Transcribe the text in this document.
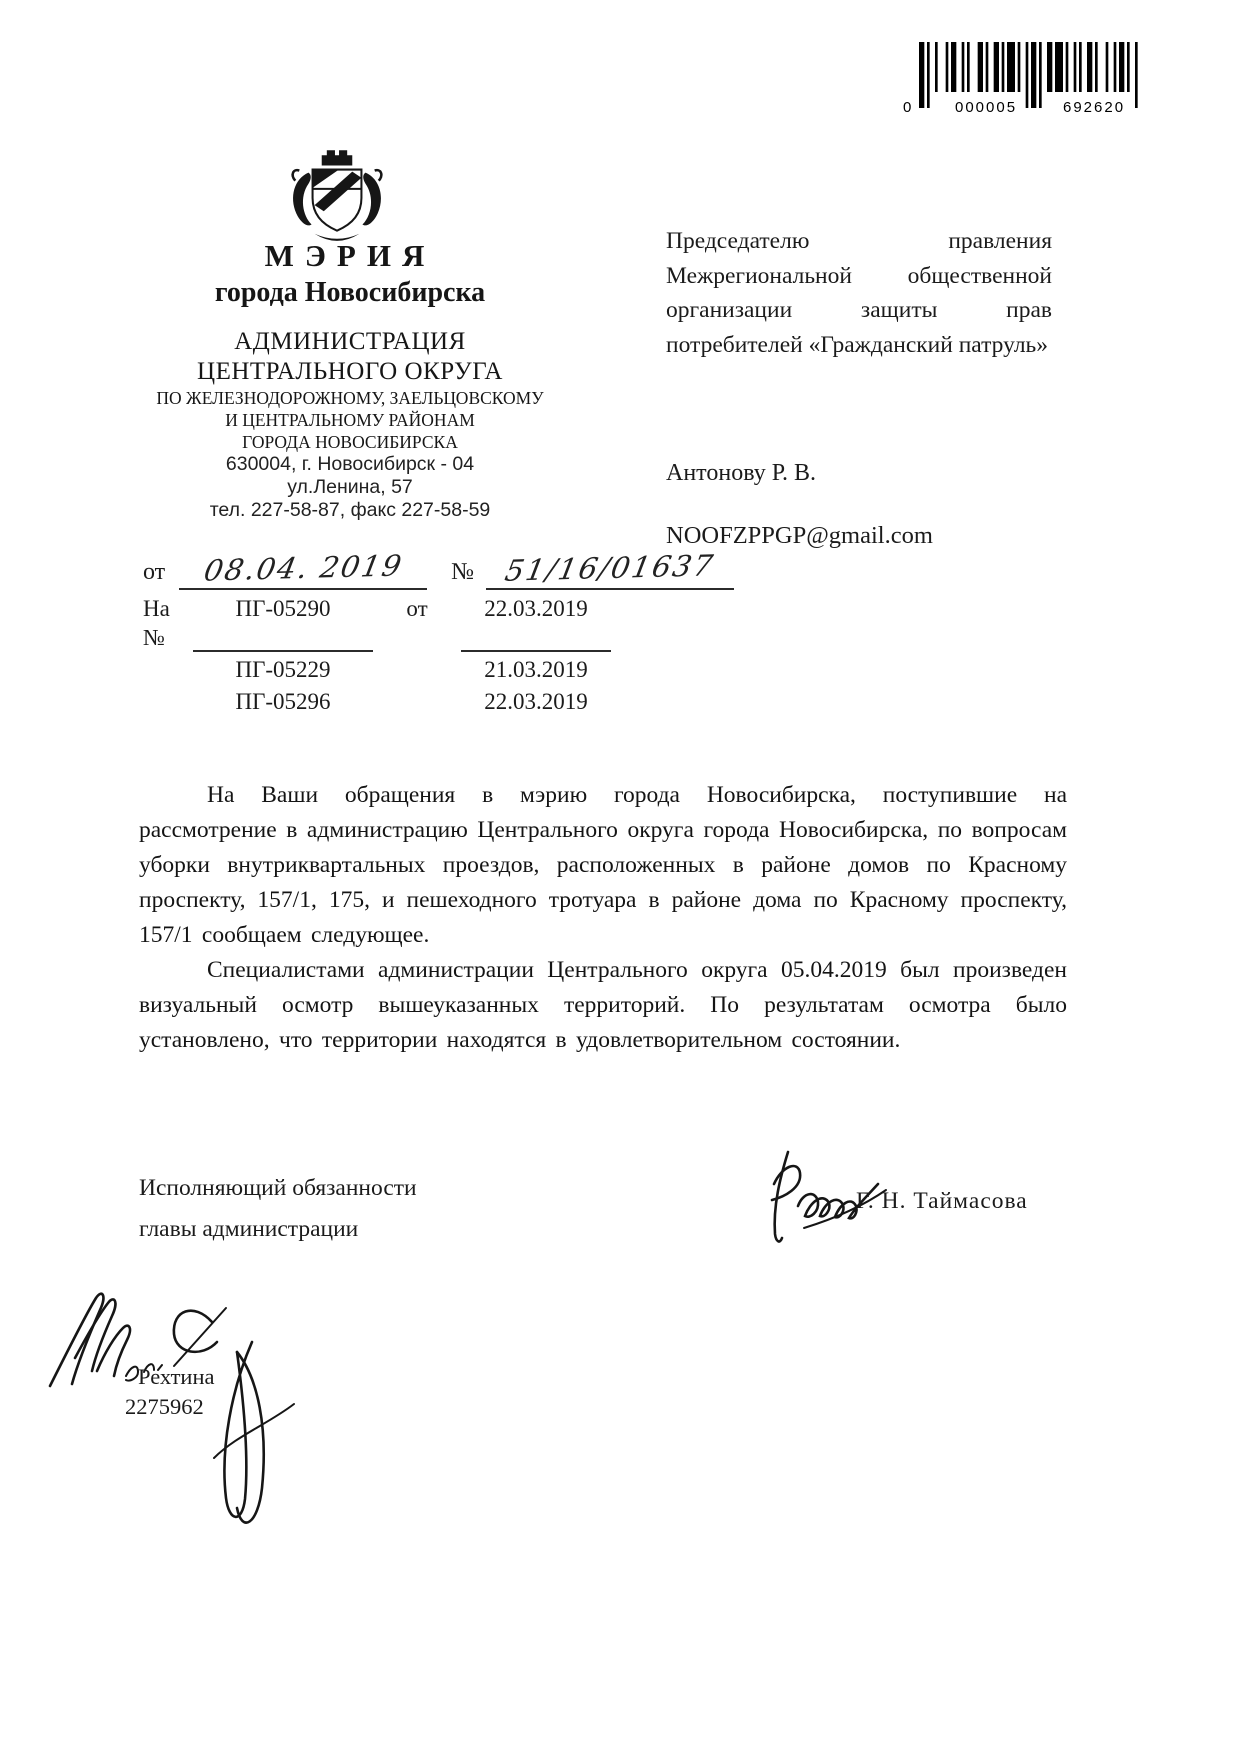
0	000005	692620
МЭРИЯ
города Новосибирска
АДМИНИСТРАЦИЯ
ЦЕНТРАЛЬНОГО ОКРУГА
ПО ЖЕЛЕЗНОДОРОЖНОМУ, ЗАЕЛЬЦОВСКОМУ
И ЦЕНТРАЛЬНОМУ РАЙОНАМ
ГОРОДА НОВОСИБИРСКА
630004, г. Новосибирск - 04
ул.Ленина, 57
тел. 227-58-87, факс 227-58-59
от 08.04. 2019 № 51/16/01637
На №
ПГ-05290	от	22.03.2019
ПГ-05229	21.03.2019
ПГ-05296	22.03.2019
Председателю правления Межрегиональной общественной организации защиты прав потребителей «Гражданский патруль»
Антонову Р. В.
NOOFZPPGP@gmail.com

На Ваши обращения в мэрию города Новосибирска, поступившие на рассмотрение в администрацию Центрального округа города Новосибирска, по вопросам уборки внутриквартальных проездов, расположенных в районе домов по Красному проспекту, 157/1, 175, и пешеходного тротуара в районе дома по Красному проспекту, 157/1 сообщаем следующее.

Специалистами администрации Центрального округа 05.04.2019 был произведен визуальный осмотр вышеуказанных территорий. По результатам осмотра было установлено, что территории находятся в удовлетворительном состоянии.

Исполняющий обязанности
главы администрации
Г. Н. Таймасова
Рехтина
2275962
